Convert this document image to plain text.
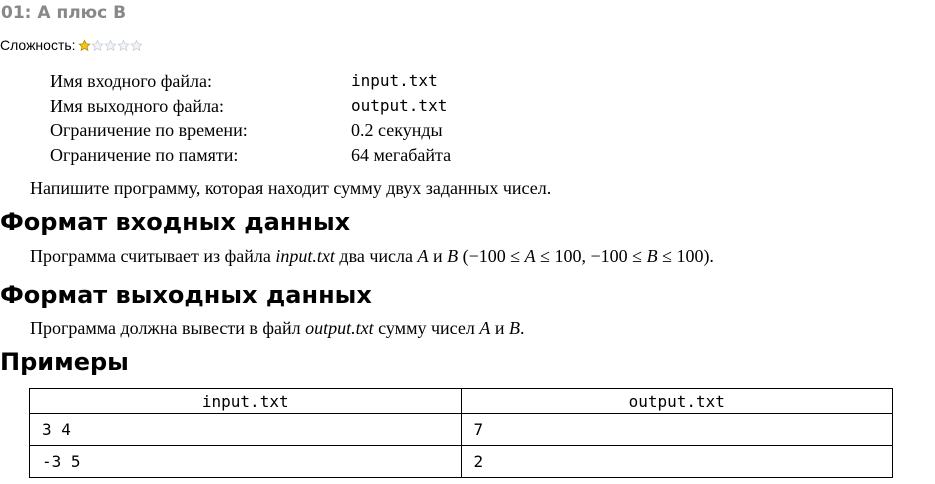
01: A плюс B
Сложность:
Имя входного файла:	input.txt
Имя выходного файла:	output.txt
Ограничение по времени:	0.2 секунды
Ограничение по памяти:	64 мегабайта
Напишите программу, которая находит сумму двух заданных чисел.
Формат входных данных
Программа считывает из файла input.txt два числа A и B (−100 ≤ A ≤ 100, −100 ≤ B ≤ 100).
Формат выходных данных
Программа должна вывести в файл output.txt сумму чисел A и B.
Примеры
input.txt	output.txt
3 4	7
-3 5	2
